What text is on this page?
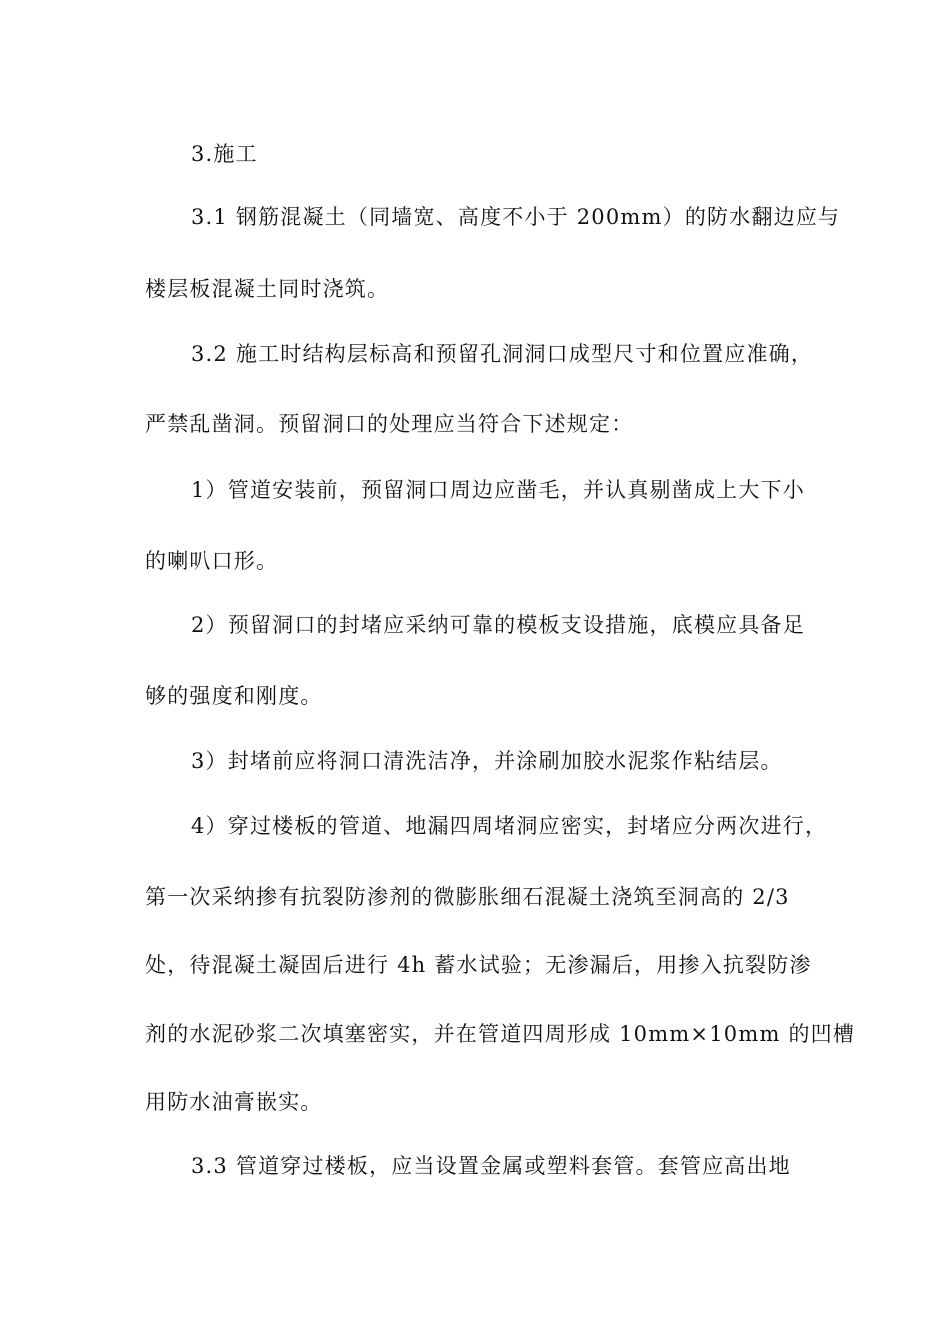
3.施工
3.1 钢筋混凝土（同墙宽、高度不小于 200mm）的防水翻边应与
楼层板混凝土同时浇筑。
3.2 施工时结构层标高和预留孔洞洞口成型尺寸和位置应准确，
严禁乱凿洞。预留洞口的处理应当符合下述规定：
1）管道安装前，预留洞口周边应凿毛，并认真剔凿成上大下小
的喇叭口形。
2）预留洞口的封堵应采纳可靠的模板支设措施，底模应具备足
够的强度和刚度。
3）封堵前应将洞口清洗洁净，并涂刷加胶水泥浆作粘结层。
4）穿过楼板的管道、地漏四周堵洞应密实，封堵应分两次进行，
第一次采纳掺有抗裂防渗剂的微膨胀细石混凝土浇筑至洞高的 2/3
处，待混凝土凝固后进行 4h 蓄水试验；无渗漏后，用掺入抗裂防渗
剂的水泥砂浆二次填塞密实，并在管道四周形成 10mm×10mm 的凹槽
用防水油膏嵌实。
3.3 管道穿过楼板，应当设置金属或塑料套管。套管应高出地
